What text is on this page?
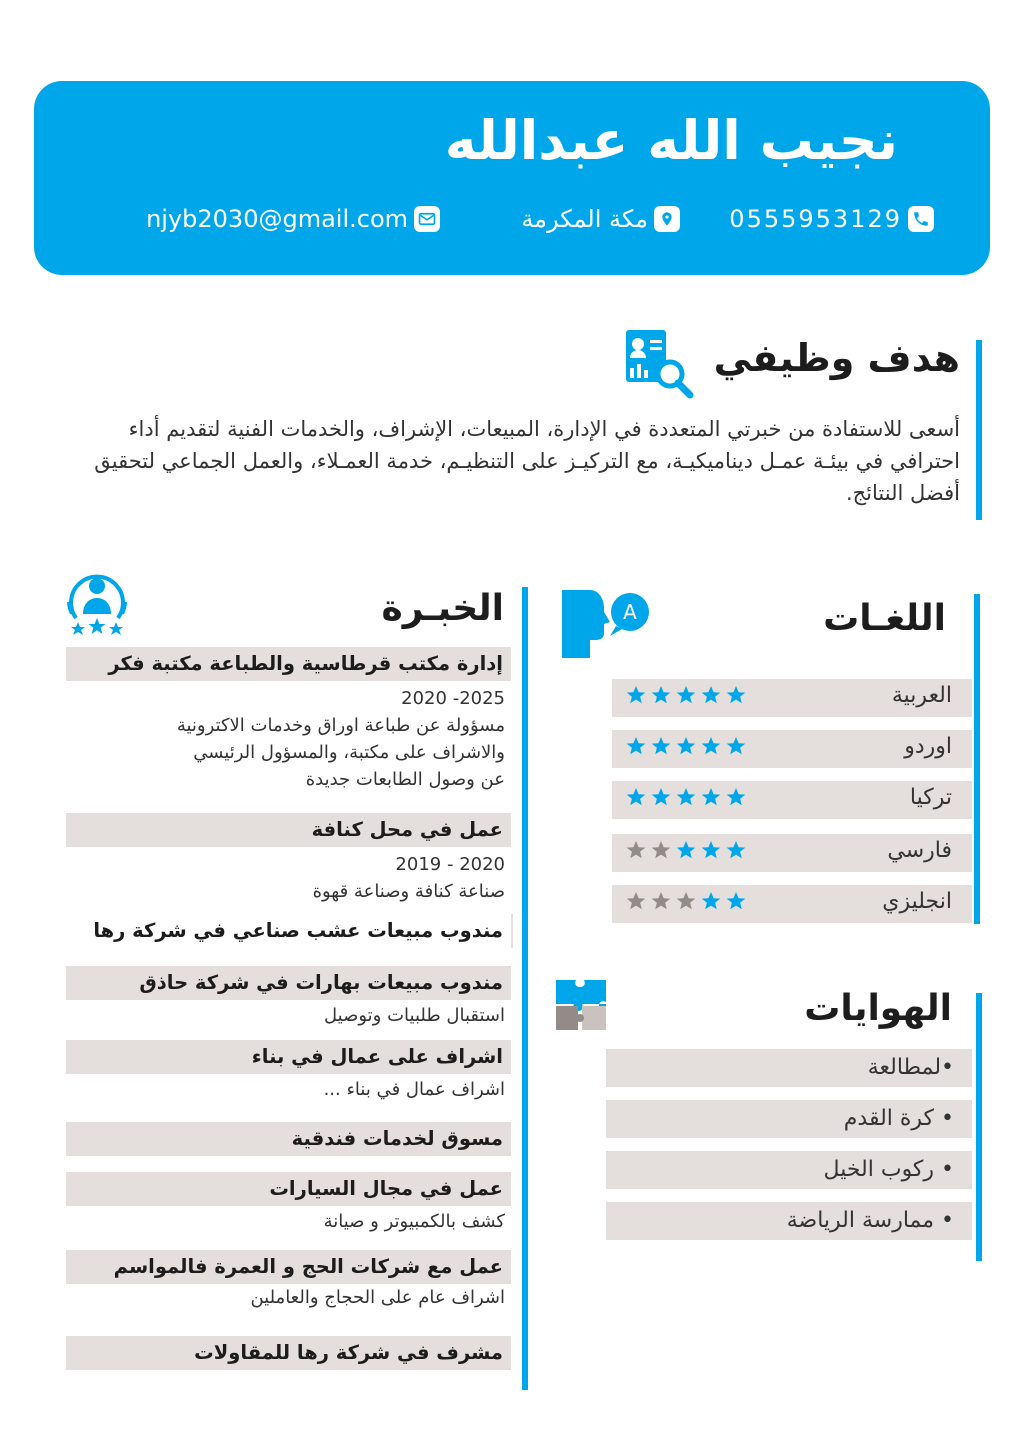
نجيب الله عبدالله
0555953129
مكة المكرمة
njyb2030@gmail.com
هدف وظيفي
أسعى للاستفادة من خبرتي المتعددة في الإدارة، المبيعات، الإشراف، والخدمات الفنية لتقديم أداء احترافي في بيئـة عمـل ديناميكيـة، مع التركيـز على التنظيـم، خدمة العمـلاء، والعمل الجماعي لتحقيق أفضل النتائج.
الخبـرة
إدارة مكتب قرطاسية والطباعة مكتبة فكر
2025- 2020
مسؤولة عن طباعة اوراق وخدمات الاكترونية
والاشراف على مكتبة، والمسؤول الرئيسي
عن وصول الطابعات جديدة
عمل في محل كنافة
2020 - 2019
صناعة كنافة وصناعة قهوة
مندوب مبيعات عشب صناعي في شركة رها
مندوب مبيعات بهارات في شركة حاذق
استقبال طلبيات وتوصيل
اشراف على عمال في بناء
اشراف عمال في بناء ...
مسوق لخدمات فندقية
عمل في مجال السيارات
كشف بالكمبيوتر و صيانة
عمل مع شركات الحج و العمرة فالمواسم
اشراف عام على الحجاج والعاملين
مشرف في شركة رها للمقاولات
اللغـات
A
العربية
اوردو
تركيا
فارسي
انجليزي
الهوايات
•لمطالعة
• كرة القدم
• ركوب الخيل
• ممارسة الرياضة
